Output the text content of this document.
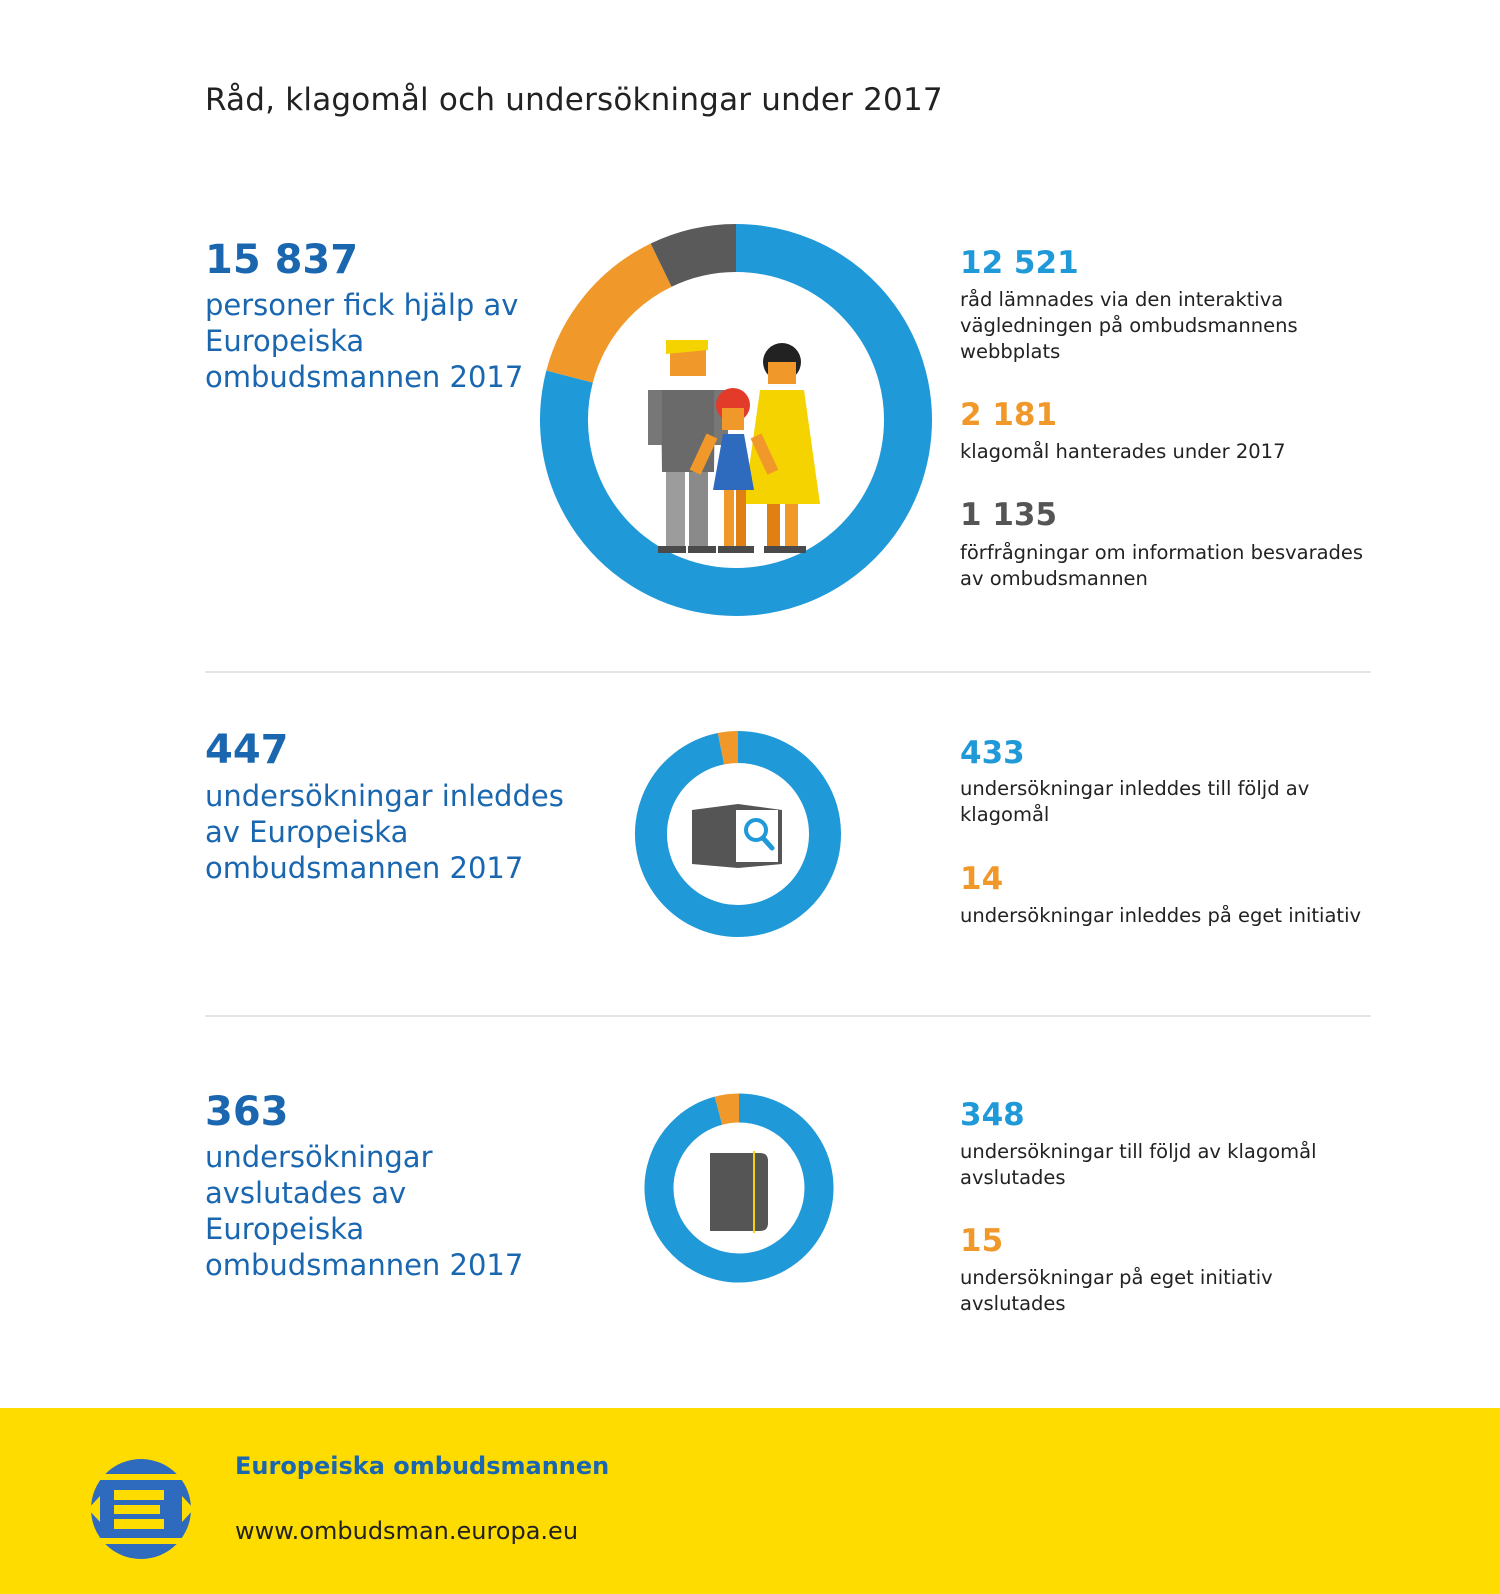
Råd, klagomål och undersökningar under 2017
15 837
personer fick hjälp av Europeiska ombudsmannen 2017
12 521
råd lämnades via den interaktiva vägledningen på ombudsmannens webbplats
2 181
klagomål hanterades under 2017
1 135
förfrågningar om information besvarades av ombudsmannen
447
undersökningar inleddes av Europeiska ombudsmannen 2017
433
undersökningar inleddes till följd av klagomål
14
undersökningar inleddes på eget initiativ
363
undersökningar avslutades av Europeiska ombudsmannen 2017
348
undersökningar till följd av klagomål avslutades
15
undersökningar på eget initiativ avslutades
Europeiska ombudsmannen
www.ombudsman.europa.eu
